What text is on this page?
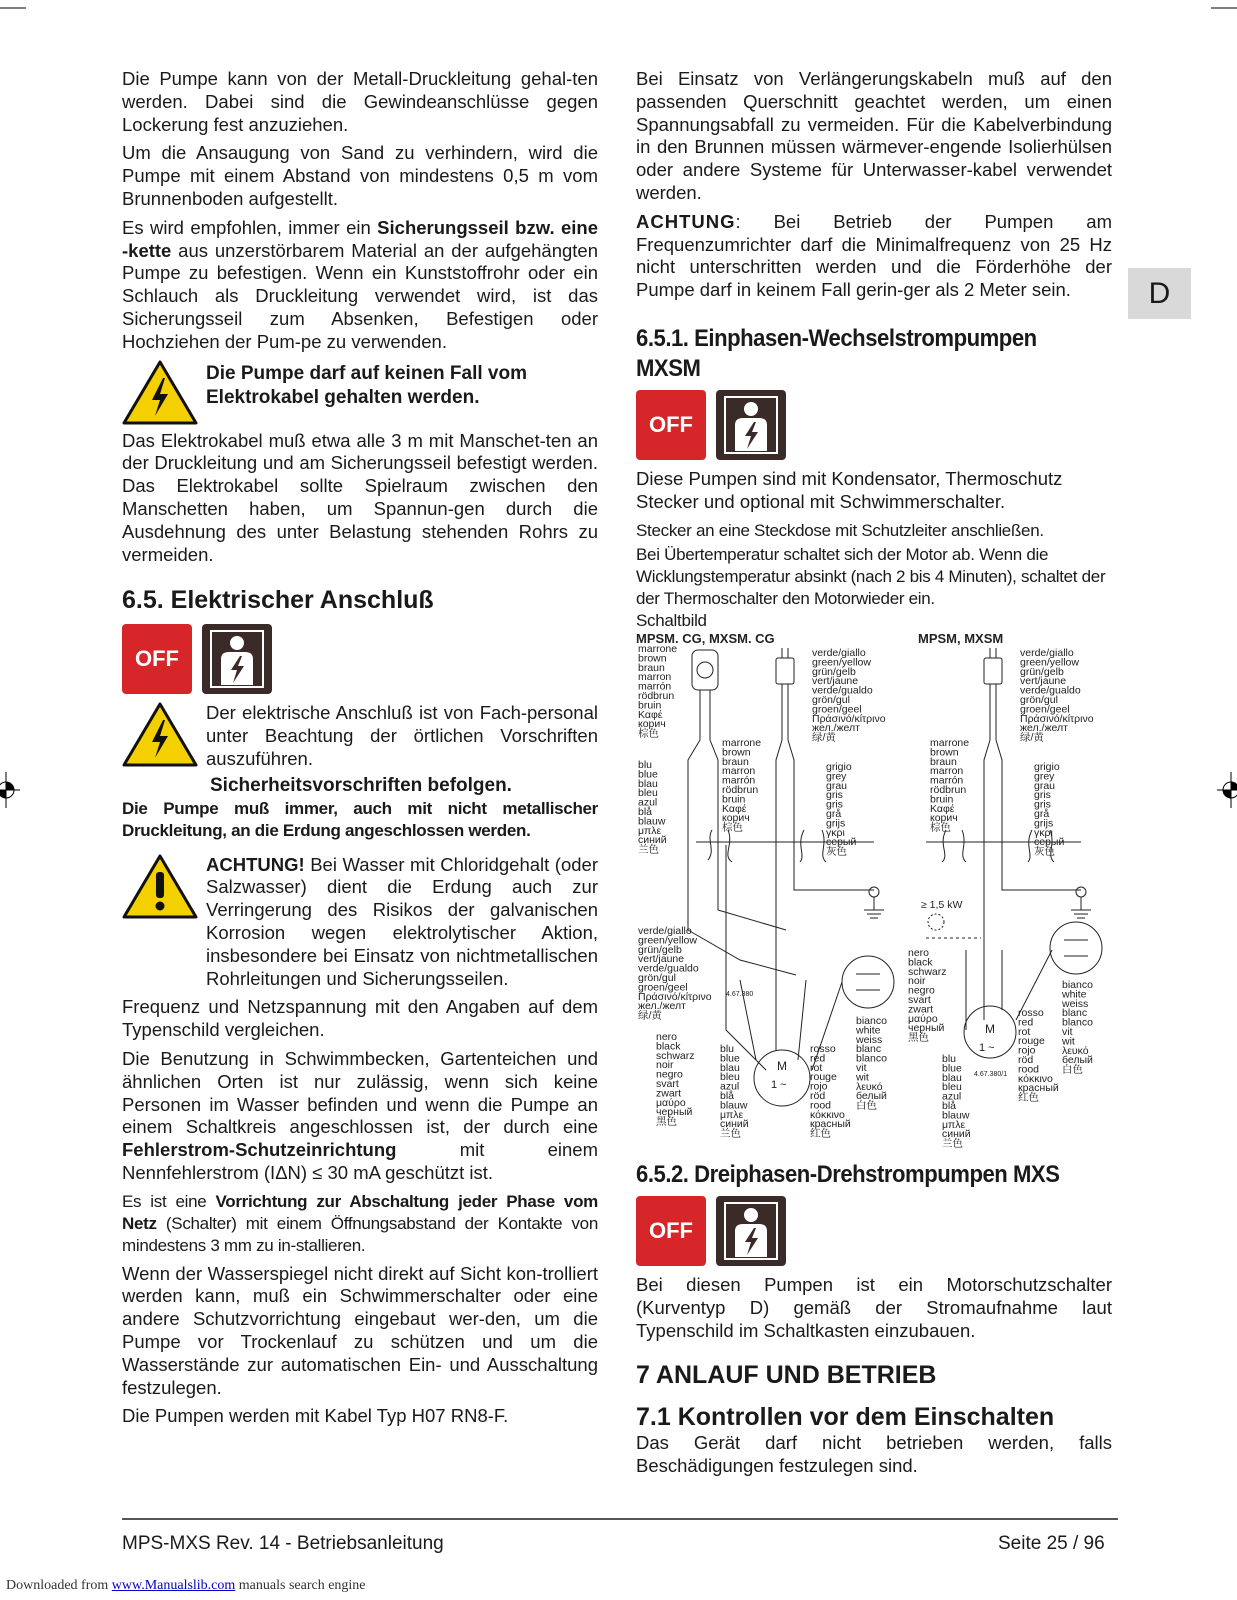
Die Pumpe kann von der Metall-Druckleitung gehal-ten werden. Dabei sind die Gewindeanschlüsse gegen Lockerung fest anzuziehen.

Um die Ansaugung von Sand zu verhindern, wird die Pumpe mit einem Abstand von mindestens 0,5 m vom Brunnenboden aufgestellt.

Es wird empfohlen, immer ein Sicherungsseil bzw. eine -kette aus unzerstörbarem Material an der aufgehängten Pumpe zu befestigen. Wenn ein Kunststoffrohr oder ein Schlauch als Druckleitung verwendet wird, ist das Sicherungsseil zum Absenken, Befestigen oder Hochziehen der Pum-pe zu verwenden.

Die Pumpe darf auf keinen Fall vom Elektrokabel gehalten werden.

Das Elektrokabel muß etwa alle 3 m mit Manschet-ten an der Druckleitung und am Sicherungsseil befestigt werden. Das Elektrokabel sollte Spielraum zwischen den Manschetten haben, um Spannun-gen durch die Ausdehnung des unter Belastung stehenden Rohrs zu vermeiden.

6.5. Elektrischer Anschluß
OFF
Der elektrische Anschluß ist von Fach-personal unter Beachtung der örtlichen Vorschriften auszuführen.
Sicherheitsvorschriften befolgen.

Die Pumpe muß immer, auch mit nicht metallischer Druckleitung, an die Erdung angeschlossen werden.

ACHTUNG! Bei Wasser mit Chloridgehalt (oder Salzwasser) dient die Erdung auch zur Verringerung des Risikos der galvanischen Korrosion wegen elektrolytischer Aktion, insbesondere bei Einsatz von nichtmetallischen Rohrleitungen und Sicherungsseilen.

Frequenz und Netzspannung mit den Angaben auf dem Typenschild vergleichen.

Die Benutzung in Schwimmbecken, Gartenteichen und ähnlichen Orten ist nur zulässig, wenn sich keine Personen im Wasser befinden und wenn die Pumpe an einem Schaltkreis angeschlossen ist, der durch eine Fehlerstrom-Schutzeinrichtung mit einem Nennfehlerstrom (IΔN) ≤ 30 mA geschützt ist.

Es ist eine Vorrichtung zur Abschaltung jeder Phase vom Netz (Schalter) mit einem Öffnungsabstand der Kontakte von mindestens 3 mm zu in-stallieren.

Wenn der Wasserspiegel nicht direkt auf Sicht kon-trolliert werden kann, muß ein Schwimmerschalter oder eine andere Schutzvorrichtung eingebaut wer-den, um die Pumpe vor Trockenlauf zu schützen und um die Wasserstände zur automatischen Ein- und Ausschaltung festzulegen.

Die Pumpen werden mit Kabel Typ H07 RN8-F.

Bei Einsatz von Verlängerungskabeln muß auf den passenden Querschnitt geachtet werden, um einen Spannungsabfall zu vermeiden. Für die Kabelverbindung in den Brunnen müssen wärmever-engende Isolierhülsen oder andere Systeme für Unterwasser-kabel verwendet werden.

ACHTUNG: Bei Betrieb der Pumpen am Frequenzumrichter darf die Minimalfrequenz von 25 Hz nicht unterschritten werden und die Förderhöhe der Pumpe darf in keinem Fall gerin-ger als 2 Meter sein.

6.5.1. Einphasen-Wechselstrompumpen MXSM
OFF

Diese Pumpen sind mit Kondensator, Thermoschutz Stecker und optional mit Schwimmerschalter.

Stecker an eine Steckdose mit Schutzleiter anschließen.

Bei Übertemperatur schaltet sich der Motor ab. Wenn die Wicklungstemperatur absinkt (nach 2 bis 4 Minuten), schaltet der der Thermoschalter den Motorwieder ein.

Schaltbild

MPSM. CG, MXSM. CG	MPSM, MXSM
marrone
brown
braun
marron
marrón
rödbrun
bruin
Καφέ
корич
棕色
verde/giallo
green/yellow
grün/gelb
vert/jaune
verde/gualdo
grön/gul
groen/geel
Πράσινό/κίτρινο
жел./желт
绿/黄
marrone
brown
braun
marron
marrón
rödbrun
bruin
Καφέ
корич
棕色
blu
blue
blau
bleu
azul
blå
blauw
μπλε
синий
兰色
grigio
grey
grau
gris
gris
grå
grijs
γκρι
серый
灰色
verde/giallo
green/yellow
grün/gelb
vert/jaune
verde/gualdo
grön/gul
groen/geel
Πράσινό/κίτρινο
жел./желт
绿/黄	bianco
white
weiss
blanc
blanco
vit
wit
λευκό
белый
白色
nero
black
schwarz
noir
negro
svart
zwart
μαύρο
черный
黑色
blu
blue
blau
bleu
azul
blå
blauw
μπλε
синий
兰色
rosso
red
rot
rouge
rojo
röd
rood
κόκκινο
красный
红色
verde/giallo
green/yellow
grün/gelb
vert/jaune
verde/gualdo
grön/gul
groen/geel
Πράσινό/κίτρινο
жел./желт
绿/黄
marrone
brown
braun
marron
marrón
rödbrun
bruin
Καφέ
корич
棕色
grigio
grey
grau
gris
gris
grå
grijs
γκρι
серый
灰色
nero
black
schwarz
noir
negro
svart
zwart
μαύρο
черный
黑色
bianco
white
weiss
blanc
blanco
vit
wit
λευκό
белый
白色
rosso
red
rot
rouge
rojo
röd
rood
κόκκινο
красный
红色
blu
blue
blau
bleu
azul
blå
blauw
μπλε
синий
兰色
M
1 ~
M
1 ~
≥ 1,5 kW
4.67.380
4.67.380/1
6.5.2. Dreiphasen-Drehstrompumpen MXS
OFF

Bei diesen Pumpen ist ein Motorschutzschalter (Kurventyp D) gemäß der Stromaufnahme laut Typenschild im Schaltkasten einzubauen.

7 ANLAUF UND BETRIEB
7.1 Kontrollen vor dem Einschalten

Das Gerät darf nicht betrieben werden, falls Beschädigungen festzulegen sind.

D
MPS-MXS Rev. 14 - Betriebsanleitung	Seite 25 / 96
Downloaded from www.Manualslib.com manuals search engine
